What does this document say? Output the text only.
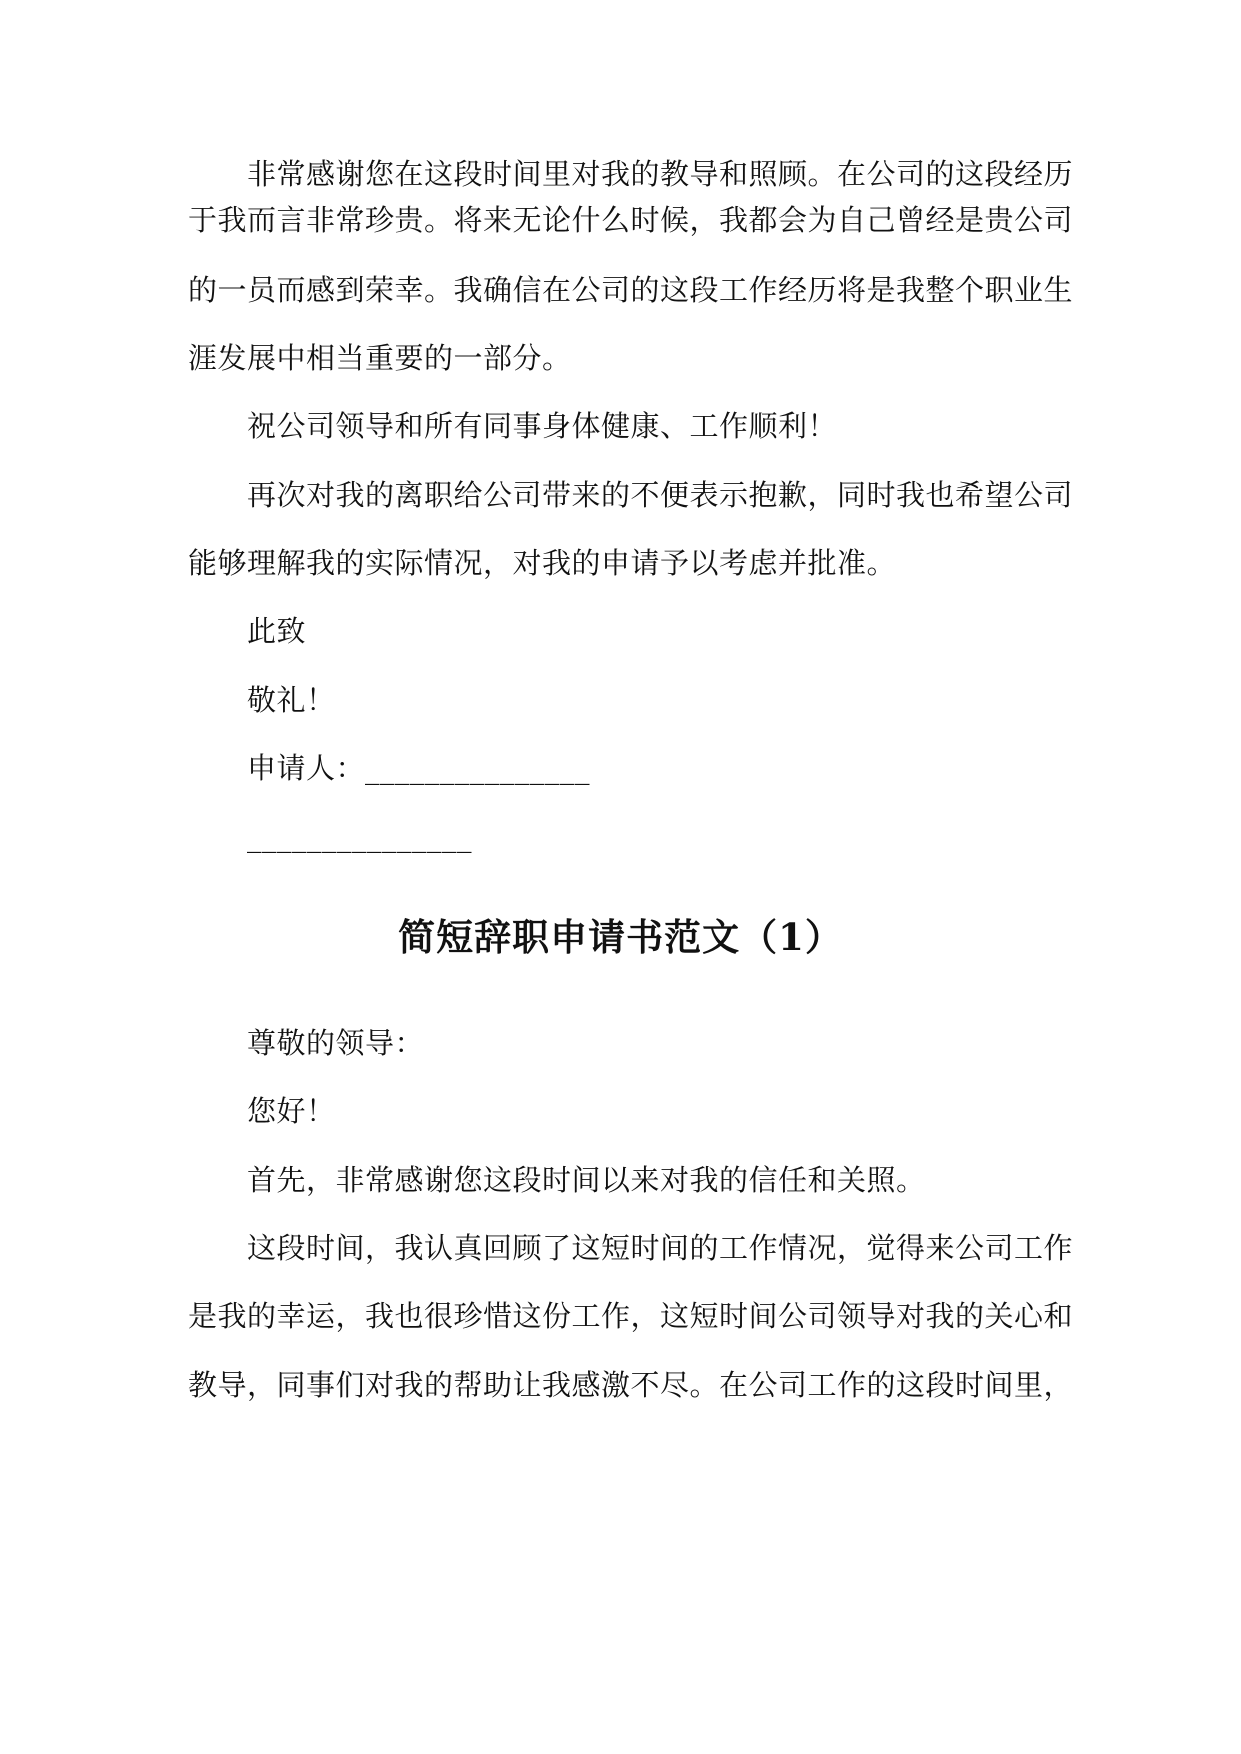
非常感谢您在这段时间里对我的教导和照顾。在公司的这段经历
于我而言非常珍贵。将来无论什么时候，我都会为自己曾经是贵公司
的一员而感到荣幸。我确信在公司的这段工作经历将是我整个职业生
涯发展中相当重要的一部分。
祝公司领导和所有同事身体健康、工作顺利！
再次对我的离职给公司带来的不便表示抱歉，同时我也希望公司
能够理解我的实际情况，对我的申请予以考虑并批准。
此致
敬礼！
申请人：_______________
_______________
简短辞职申请书范文（1）
尊敬的领导：
您好！
首先，非常感谢您这段时间以来对我的信任和关照。
这段时间，我认真回顾了这短时间的工作情况，觉得来公司工作
是我的幸运，我也很珍惜这份工作，这短时间公司领导对我的关心和
教导，同事们对我的帮助让我感激不尽。在公司工作的这段时间里，
